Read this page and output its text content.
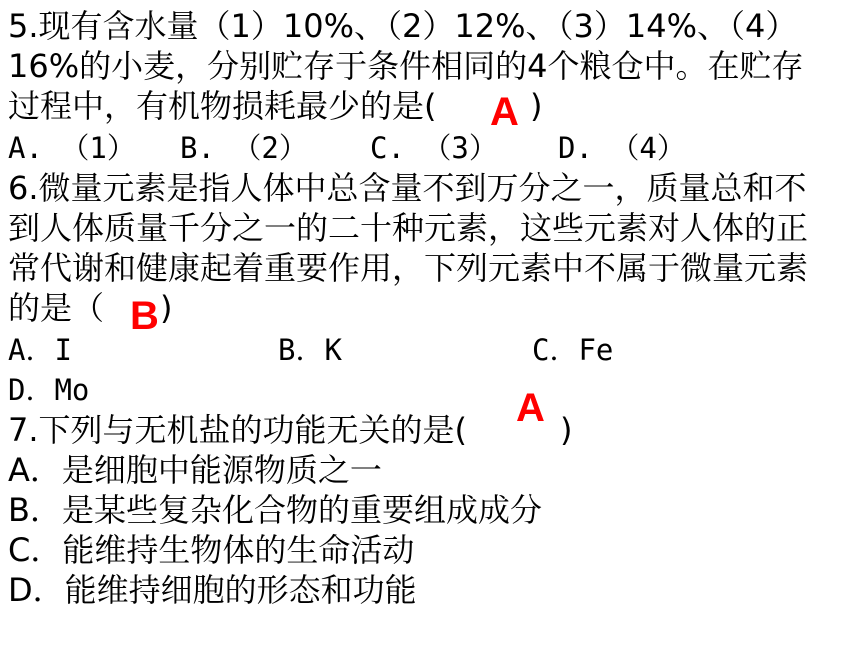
5.现有含水量（1）10%、（2）12%、（3）14%、（4）
16%的小麦，分别贮存于条件相同的4个粮仓中。在贮存
过程中，有机物损耗最少的是( A )
A. （1） B. （2） C. （3） D. （4）
6.微量元素是指人体中总含量不到万分之一，质量总和不
到人体质量千分之一的二十种元素，这些元素对人体的正
常代谢和健康起着重要作用，下列元素中不属于微量元素
的是（ B )
A．I	B．K	C．Fe
D．Mo	A
7.下列与无机盐的功能无关的是(	)
A．是细胞中能源物质之一
B．是某些复杂化合物的重要组成成分
C．能维持生物体的生命活动
D．能维持细胞的形态和功能
